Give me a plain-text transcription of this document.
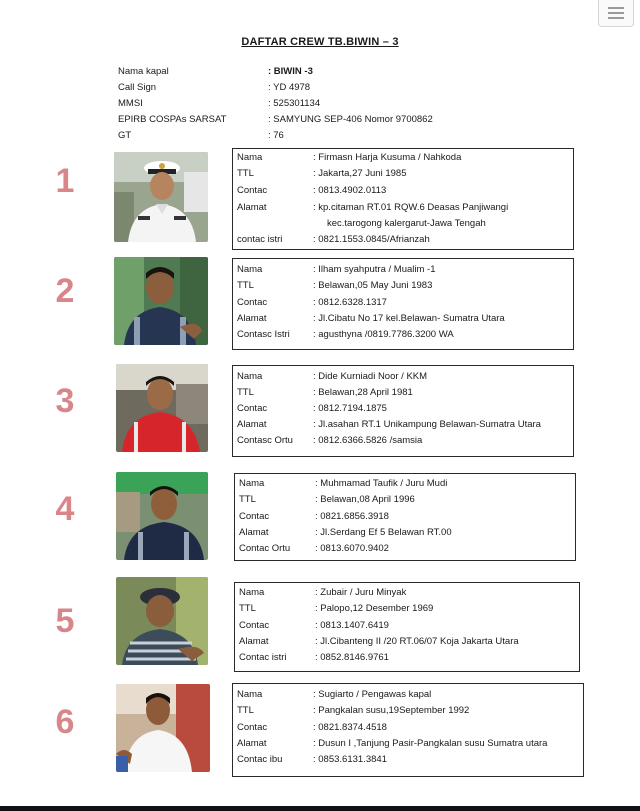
DAFTAR CREW TB.BIWIN – 3
Nama kapal	: BIWIN -3
Call Sign	: YD 4978
MMSI	: 525301134
EPIRB COSPAs SARSAT	: SAMYUNG SEP-406 Nomor 9700862
GT	: 76
1
Nama	: Firmasn Harja Kusuma / Nahkoda
TTL	: Jakarta,27 Juni 1985
Contac	: 0813.4902.0113
Alamat	: kp.citaman RT.01 RQW.6 Deasas Panjiwangi
kec.tarogong kalergarut-Jawa Tengah
contac istri	: 0821.1553.0845/Afrianzah
2
Nama	: Ilham syahputra / Mualim -1
TTL	: Belawan,05 May Juni 1983
Contac	: 0812.6328.1317
Alamat	: Jl.Cibatu No 17 kel.Belawan- Sumatra Utara
Contasc Istri : agusthyna /0819.7786.3200 WA
3
Nama	: Dide Kurniadi Noor / KKM
TTL	: Belawan,28 April 1981
Contac	: 0812.7194.1875
Alamat	: Jl.asahan RT.1 Unikampung Belawan-Sumatra Utara
Contasc Ortu : 0812.6366.5826 /samsia
4
Nama	: Muhmamad Taufik / Juru Mudi
TTL	: Belawan,08 April 1996
Contac	: 0821.6856.3918
Alamat	: Jl.Serdang Ef 5 Belawan RT.00
Contac Ortu	: 0813.6070.9402
5
Nama	: Zubair / Juru Minyak
TTL	: Palopo,12 Desember 1969
Contac	: 0813.1407.6419
Alamat	: Jl.Cibanteng II /20 RT.06/07 Koja Jakarta Utara
Contac istri	: 0852.8146.9761
6
Nama	: Sugiarto / Pengawas kapal
TTL	: Pangkalan susu,19September 1992
Contac	: 0821.8374.4518
Alamat	: Dusun I ,Tanjung Pasir-Pangkalan susu Sumatra utara
Contac ibu	: 0853.6131.3841
